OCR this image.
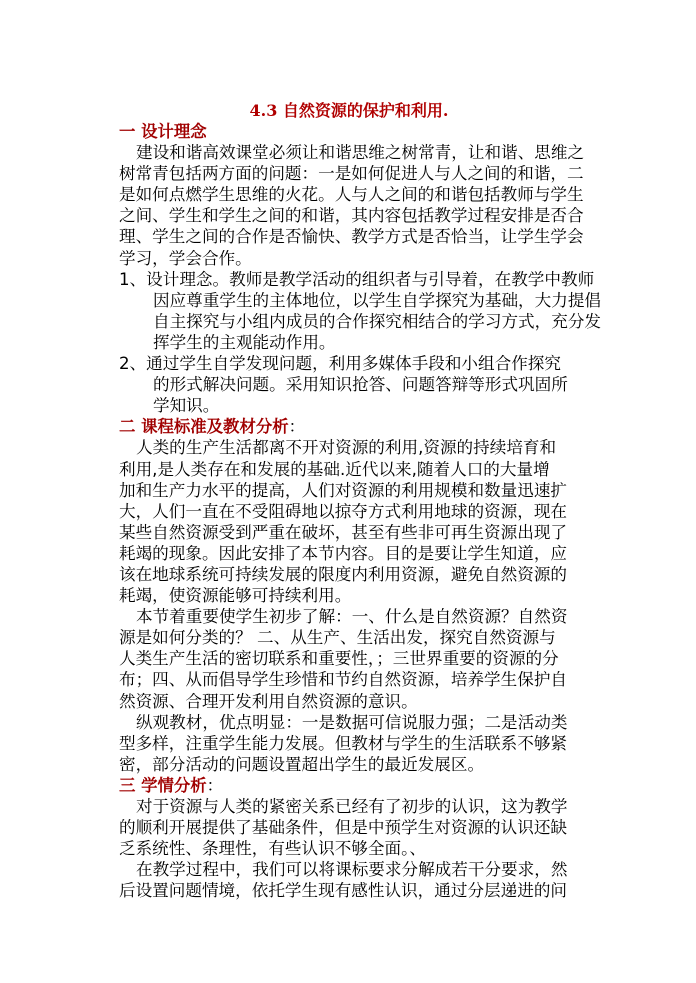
4.3 自然资源的保护和利用.
一 设计理念
建设和谐高效课堂必须让和谐思维之树常青，让和谐、思维之
树常青包括两方面的问题：一是如何促进人与人之间的和谐，二
是如何点燃学生思维的火花。人与人之间的和谐包括教师与学生
之间、学生和学生之间的和谐，其内容包括教学过程安排是否合
理、学生之间的合作是否愉快、教学方式是否恰当，让学生学会
学习，学会合作。
1、设计理念。教师是教学活动的组织者与引导着，在教学中教师
因应尊重学生的主体地位，以学生自学探究为基础，大力提倡
自主探究与小组内成员的合作探究相结合的学习方式，充分发
挥学生的主观能动作用。
2、通过学生自学发现问题，利用多媒体手段和小组合作探究
的形式解决问题。采用知识抢答、问题答辩等形式巩固所
学知识。
二 课程标准及教材分析：
人类的生产生活都离不开对资源的利用,资源的持续培育和
利用,是人类存在和发展的基础.近代以来,随着人口的大量增
加和生产力水平的提高，人们对资源的利用规模和数量迅速扩
大，人们一直在不受阻碍地以掠夺方式利用地球的资源，现在
某些自然资源受到严重在破坏，甚至有些非可再生资源出现了
耗竭的现象。因此安排了本节内容。目的是要让学生知道，应
该在地球系统可持续发展的限度内利用资源，避免自然资源的
耗竭，使资源能够可持续利用。
本节着重要使学生初步了解：一、什么是自然资源？自然资
源是如何分类的？ 二、从生产、生活出发，探究自然资源与
人类生产生活的密切联系和重要性，；三世界重要的资源的分
布；四、从而倡导学生珍惜和节约自然资源，培养学生保护自
然资源、合理开发利用自然资源的意识。
纵观教材，优点明显：一是数据可信说服力强；二是活动类
型多样，注重学生能力发展。但教材与学生的生活联系不够紧
密，部分活动的问题设置超出学生的最近发展区。
三 学情分析：
对于资源与人类的紧密关系已经有了初步的认识，这为教学
的顺利开展提供了基础条件，但是中预学生对资源的认识还缺
乏系统性、条理性，有些认识不够全面。、
在教学过程中，我们可以将课标要求分解成若干分要求，然
后设置问题情境，依托学生现有感性认识，通过分层递进的问
